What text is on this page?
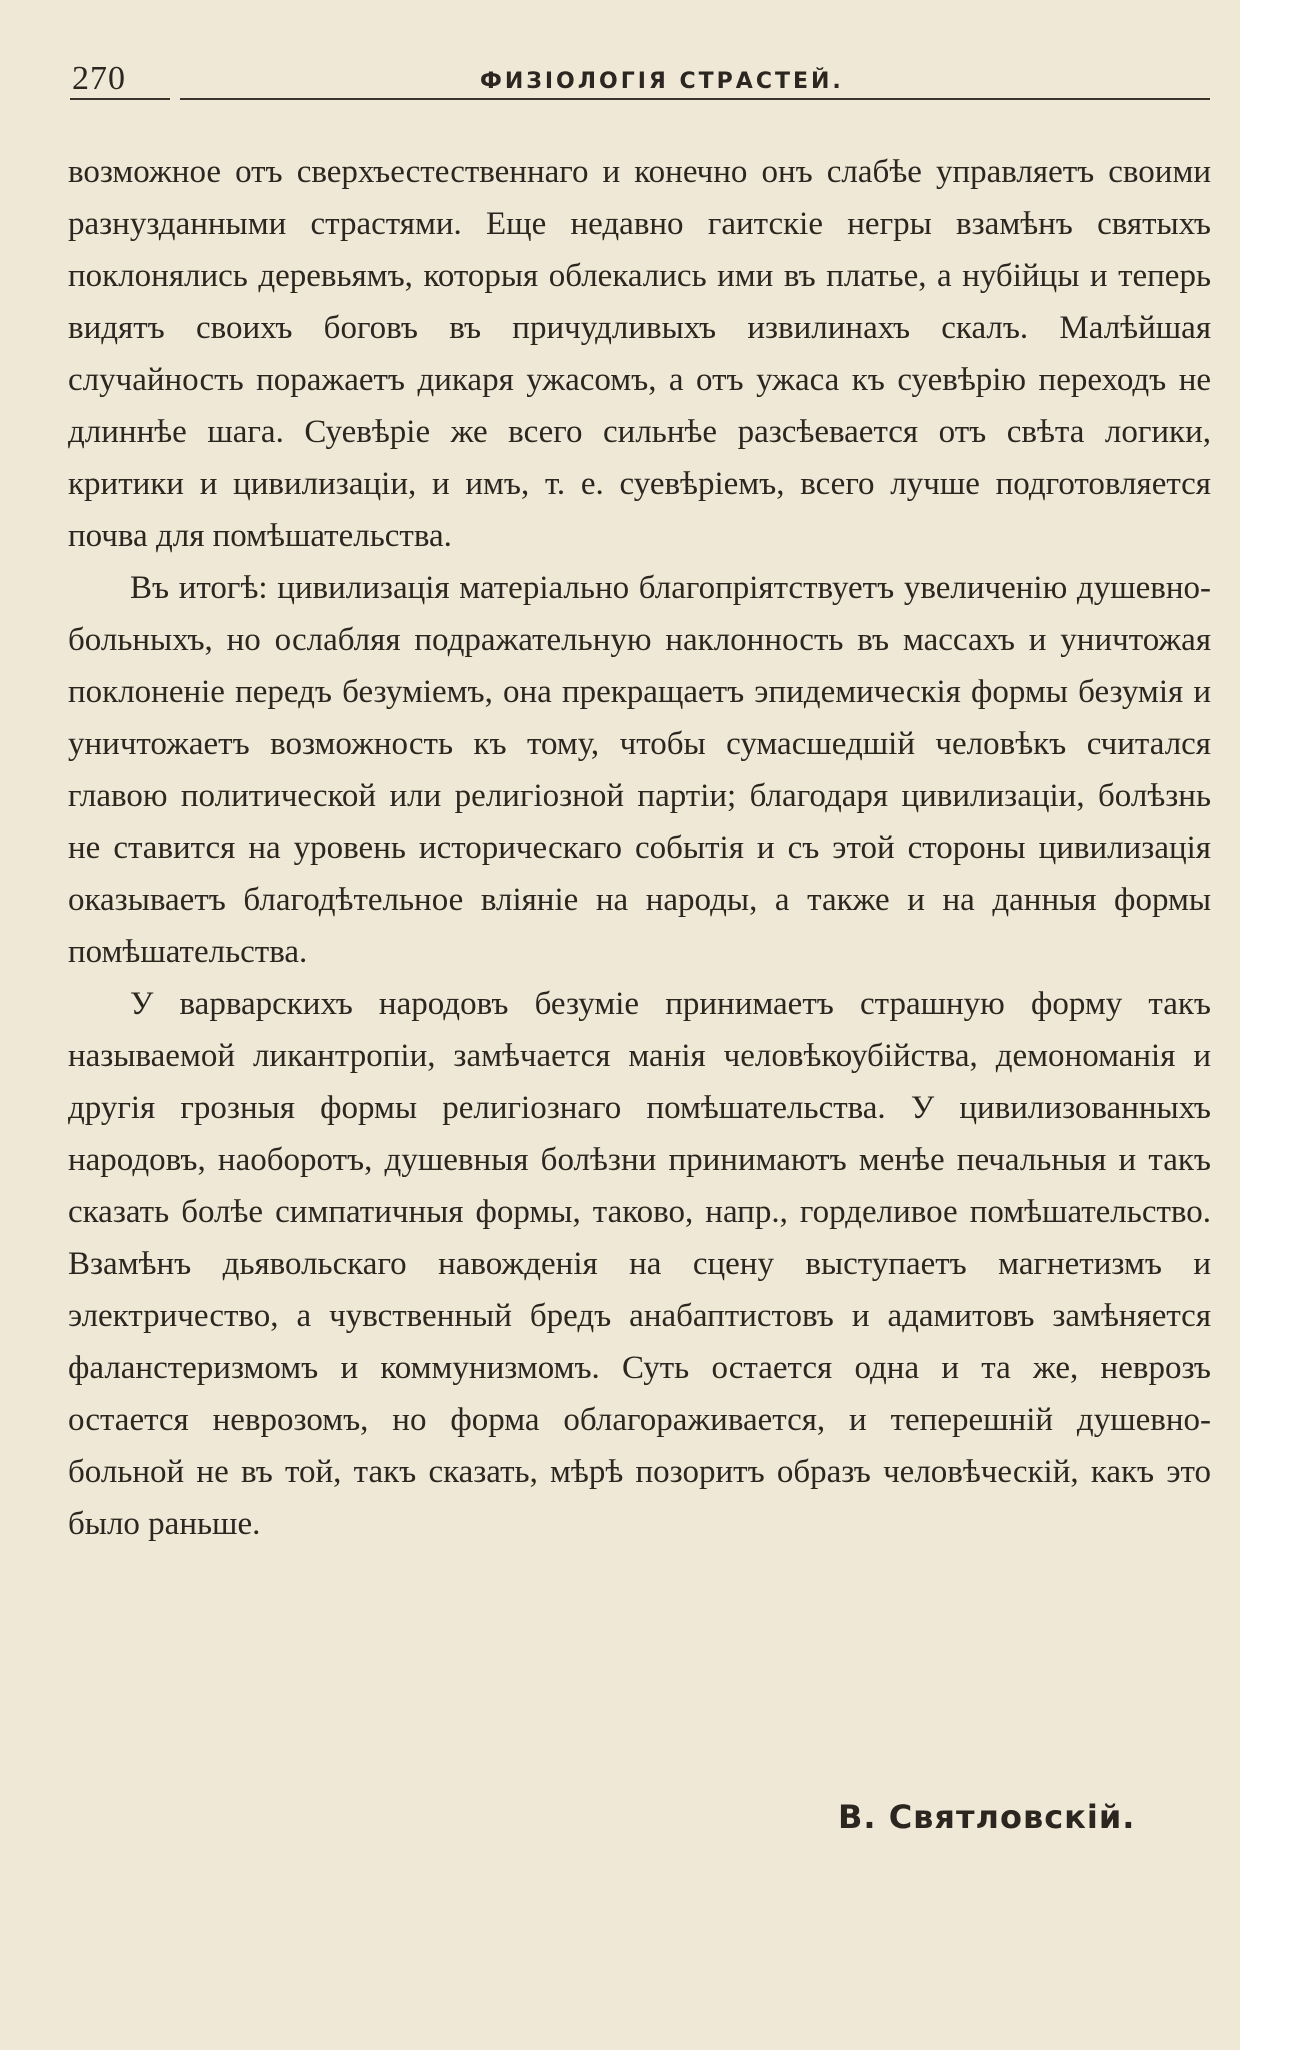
270	ФИЗIОЛОГIЯ СТРАСТЕЙ.

возможное отъ сверхъестественнаго и конечно онъ слабѣе управляетъ своими разнузданными страстями. Еще недавно гаитскіе негры взамѣнъ святыхъ поклонялись деревьямъ, которыя облекались ими въ платье, а нубійцы и теперь видятъ своихъ боговъ въ причудливыхъ извилинахъ скалъ. Малѣйшая случайность поражаетъ дикаря ужасомъ, а отъ ужаса къ суевѣрію переходъ не длиннѣе шага. Суевѣріе же всего сильнѣе разсѣевается отъ свѣта логики, критики и цивилизаціи, и имъ, т. е. суевѣріемъ, всего лучше подготовляется почва для помѣшательства.

Въ итогѣ: цивилизація матеріально благопріятствуетъ увеличенію душевно-больныхъ, но ослабляя подражательную наклонность въ массахъ и уничтожая поклоненіе передъ безуміемъ, она прекращаетъ эпидемическія формы безумія и уничтожаетъ возможность къ тому, чтобы сумасшедшій человѣкъ считался главою политической или религіозной партіи; благодаря цивилизаціи, болѣзнь не ставится на уровень историческаго событія и съ этой стороны цивилизація оказываетъ благодѣтельное вліяніе на народы, а также и на данныя формы помѣшательства.

У варварскихъ народовъ безуміе принимаетъ страшную форму такъ называемой ликантропіи, замѣчается манія человѣкоубійства, демономанія и другія грозныя формы религіознаго помѣшательства. У цивилизованныхъ народовъ, наоборотъ, душевныя болѣзни принимаютъ менѣе печальныя и такъ сказать болѣе симпатичныя формы, таково, напр., горделивое помѣшательство. Взамѣнъ дьявольскаго навожденія на сцену выступаетъ магнетизмъ и электричество, а чувственный бредъ анабаптистовъ и адамитовъ замѣняется фаланстеризмомъ и коммунизмомъ. Суть остается одна и та же, неврозъ остается неврозомъ, но форма облагораживается, и теперешній душевно-больной не въ той, такъ сказать, мѣрѣ позоритъ образъ человѣческій, какъ это было раньше.

В. Святловскій.
